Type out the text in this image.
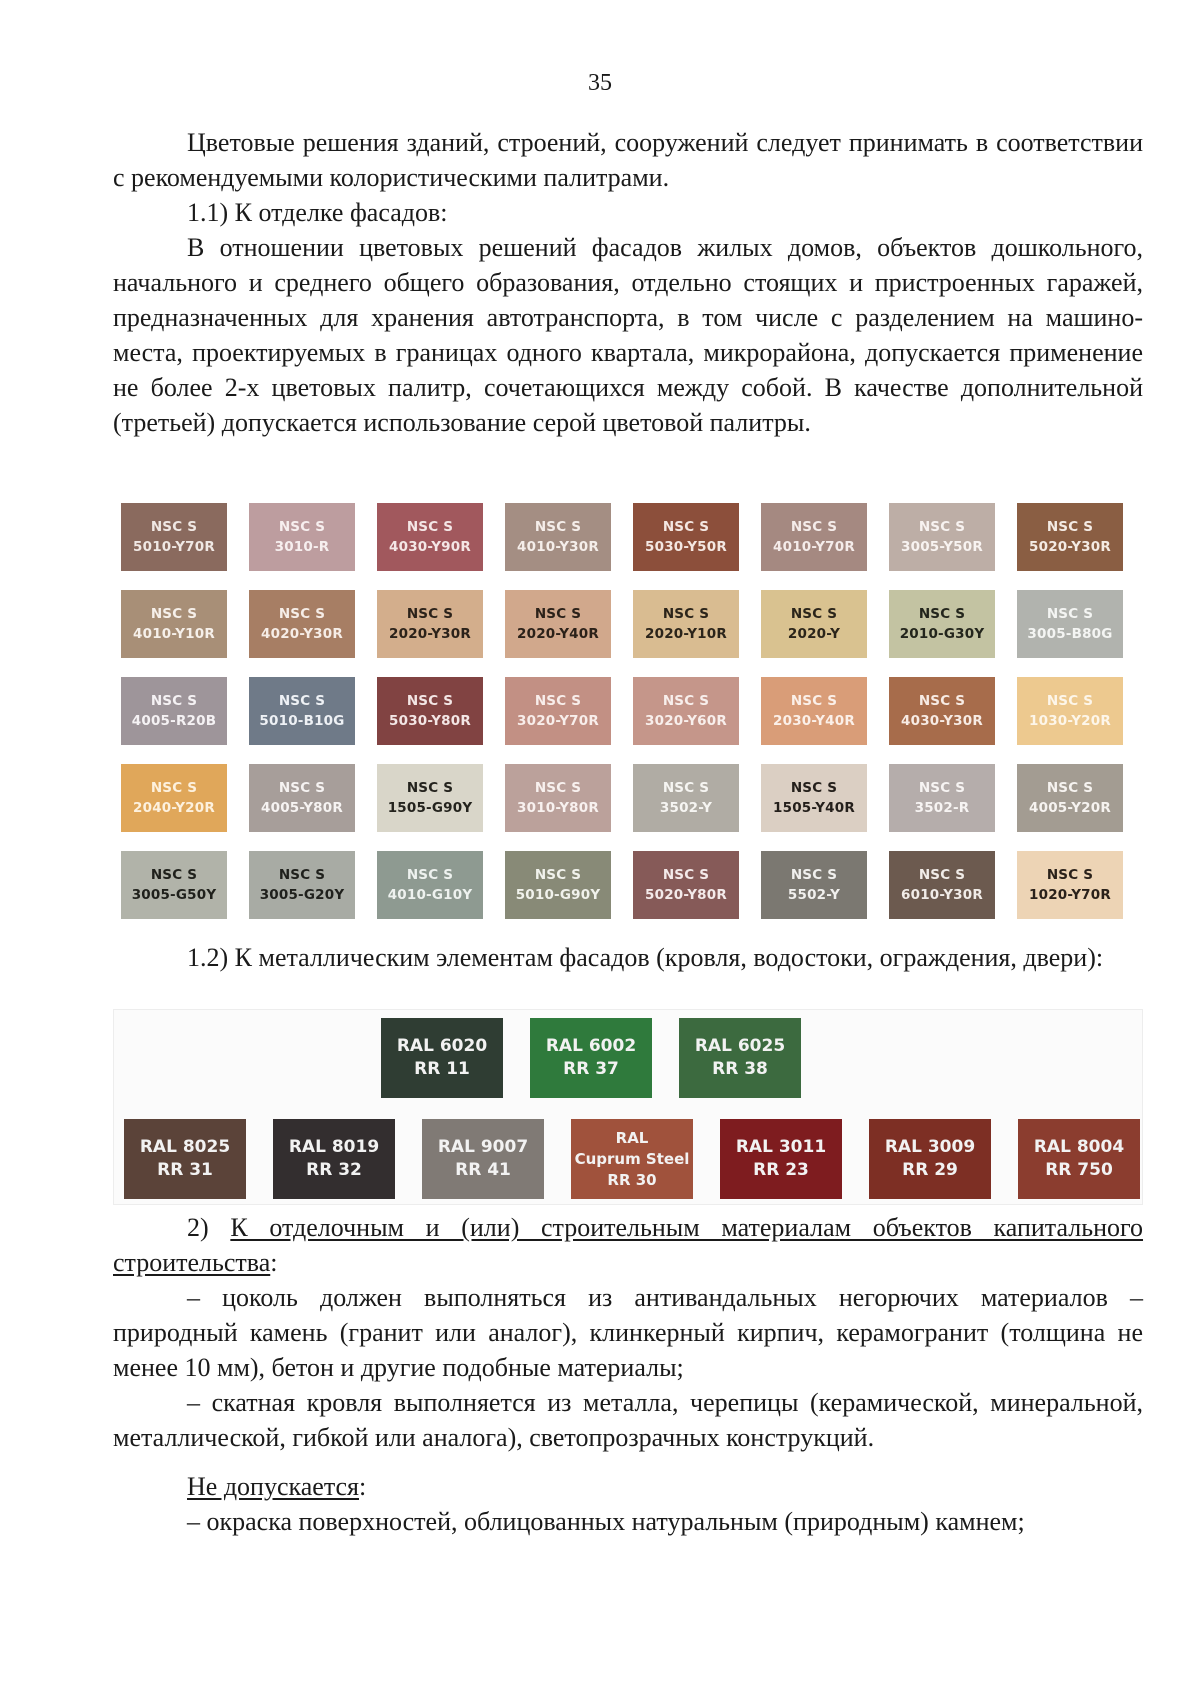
35

Цветовые решения зданий, строений, сооружений следует принимать в соответствии с рекомендуемыми колористическими палитрами.

1.1) К отделке фасадов:

В отношении цветовых решений фасадов жилых домов, объектов дошкольного, начального и среднего общего образования, отдельно стоящих и пристроенных гаражей, предназначенных для хранения автотранспорта, в том числе с разделением на машино-места, проектируемых в границах одного квартала, микрорайона, допускается применение не более 2-х цветовых палитр, сочетающихся между собой. В качестве дополнительной (третьей) допускается использование серой цветовой палитры.

NSC S
5010-Y70R
NSC S
3010-R
NSC S
4030-Y90R
NSC S
4010-Y30R
NSC S
5030-Y50R
NSC S
4010-Y70R
NSC S
3005-Y50R
NSC S
5020-Y30R
NSC S
4010-Y10R
NSC S
4020-Y30R
NSC S
2020-Y30R
NSC S
2020-Y40R
NSC S
2020-Y10R
NSC S
2020-Y
NSC S
2010-G30Y
NSC S
3005-B80G
NSC S
4005-R20B
NSC S
5010-B10G
NSC S
5030-Y80R
NSC S
3020-Y70R
NSC S
3020-Y60R
NSC S
2030-Y40R
NSC S
4030-Y30R
NSC S
1030-Y20R
NSC S
2040-Y20R
NSC S
4005-Y80R
NSC S
1505-G90Y
NSC S
3010-Y80R
NSC S
3502-Y
NSC S
1505-Y40R
NSC S
3502-R
NSC S
4005-Y20R
NSC S
3005-G50Y
NSC S
3005-G20Y
NSC S
4010-G10Y
NSC S
5010-G90Y
NSC S
5020-Y80R
NSC S
5502-Y
NSC S
6010-Y30R
NSC S
1020-Y70R
1.2) К металлическим элементам фасадов (кровля, водостоки, ограждения, двери):
RAL 6020
RR 11
RAL 6002
RR 37
RAL 6025
RR 38
RAL 8025
RR 31
RAL 8019
RR 32
RAL 9007
RR 41
RAL
Cuprum Steel
RR 30
RAL 3011
RR 23
RAL 3009
RR 29
RAL 8004
RR 750

2) К отделочным и (или) строительным материалам объектов капитального строительства:

– цоколь должен выполняться из антивандальных негорючих материалов – природный камень (гранит или аналог), клинкерный кирпич, керамогранит (толщина не менее 10 мм), бетон и другие подобные материалы;

– скатная кровля выполняется из металла, черепицы (керамической, минеральной, металлической, гибкой или аналога), светопрозрачных конструкций.

Не допускается:

– окраска поверхностей, облицованных натуральным (природным) камнем;
